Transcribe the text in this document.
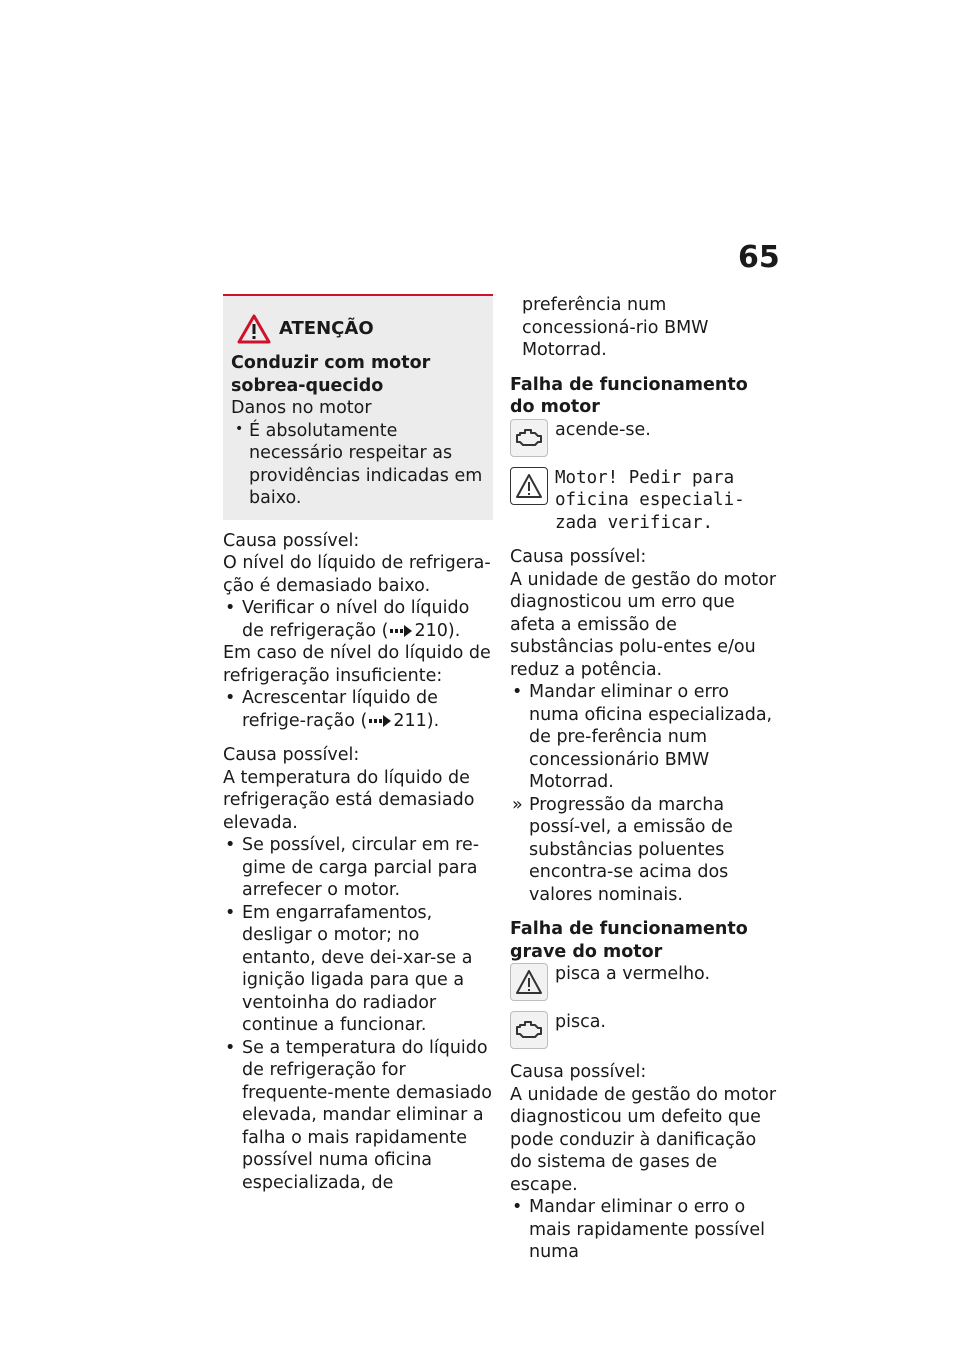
65
ATENÇÃO

Conduzir com motor sobrea-quecido

Danos no motor

• É absolutamente necessário respeitar as providências indicadas em baixo.

Causa possível:

O nível do líquido de refrigera-ção é demasiado baixo.

• Verificar o nível do líquido de refrigeração ( 210).

Em caso de nível do líquido de refrigeração insuficiente:

• Acrescentar líquido de refrige-ração ( 211).

Causa possível:

A temperatura do líquido de refrigeração está demasiado elevada.

• Se possível, circular em re-gime de carga parcial para arrefecer o motor.
• Em engarrafamentos, desligar o motor; no entanto, deve dei-xar-se a ignição ligada para que a ventoinha do radiador continue a funcionar.
• Se a temperatura do líquido de refrigeração for frequente-mente demasiado elevada, mandar eliminar a falha o mais rapidamente possível numa oficina especializada, de

preferência num concessioná-rio BMW Motorrad.

Falha de funcionamento do motor

acende-se.
Motor! Pedir para oficina especiali-zada verificar.

Causa possível:

A unidade de gestão do motor diagnosticou um erro que afeta a emissão de substâncias polu-entes e/ou reduz a potência.

• Mandar eliminar o erro numa oficina especializada, de pre-ferência num concessionário BMW Motorrad.
» Progressão da marcha possí-vel, a emissão de substâncias poluentes encontra-se acima dos valores nominais.

Falha de funcionamento grave do motor

pisca a vermelho.
pisca.

Causa possível:

A unidade de gestão do motor diagnosticou um defeito que pode conduzir à danificação do sistema de gases de escape.

• Mandar eliminar o erro o mais rapidamente possível numa
